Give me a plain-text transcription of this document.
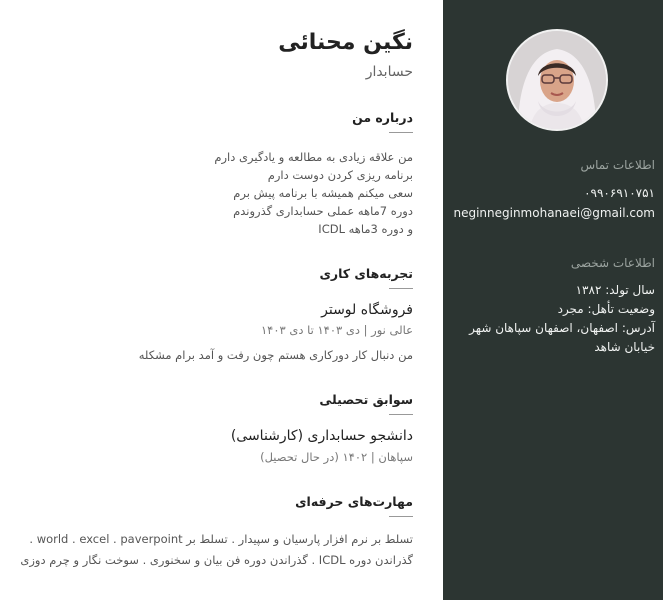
اطلاعات تماس
۰۹۹۰۶۹۱۰۷۵۱
neginneginmohanaei@gmail.com
اطلاعات شخصی
سال تولد: ۱۳۸۲
وضعیت تأهل: مجرد
آدرس: اصفهان، اصفهان سپاهان شهر
خیابان شاهد
نگین محنائی
حسابدار
درباره من
من علاقه زیادی به مطالعه و یادگیری دارم
برنامه ریزی کردن دوست دارم
سعی میکنم همیشه با برنامه پیش برم
دوره 7ماهه عملی حسابداری گذروندم
و دوره 3ماهه ICDL
تجربه‌های کاری
فروشگاه لوستر
عالی نور | دی ۱۴۰۳ تا دی ۱۴۰۳
من دنبال کار دورکاری هستم چون رفت و آمد برام مشکله
سوابق تحصیلی
دانشجو حسابداری (کارشناسی)
سپاهان | ۱۴۰۲ (در حال تحصیل)
مهارت‌های حرفه‌ای
تسلط بر نرم افزار پارسیان و سپیدار . تسلط بر world . excel . paverpoint .
گذراندن دوره ICDL . گذراندن دوره فن بیان و سخنوری . سوخت نگار و چرم دوزی
